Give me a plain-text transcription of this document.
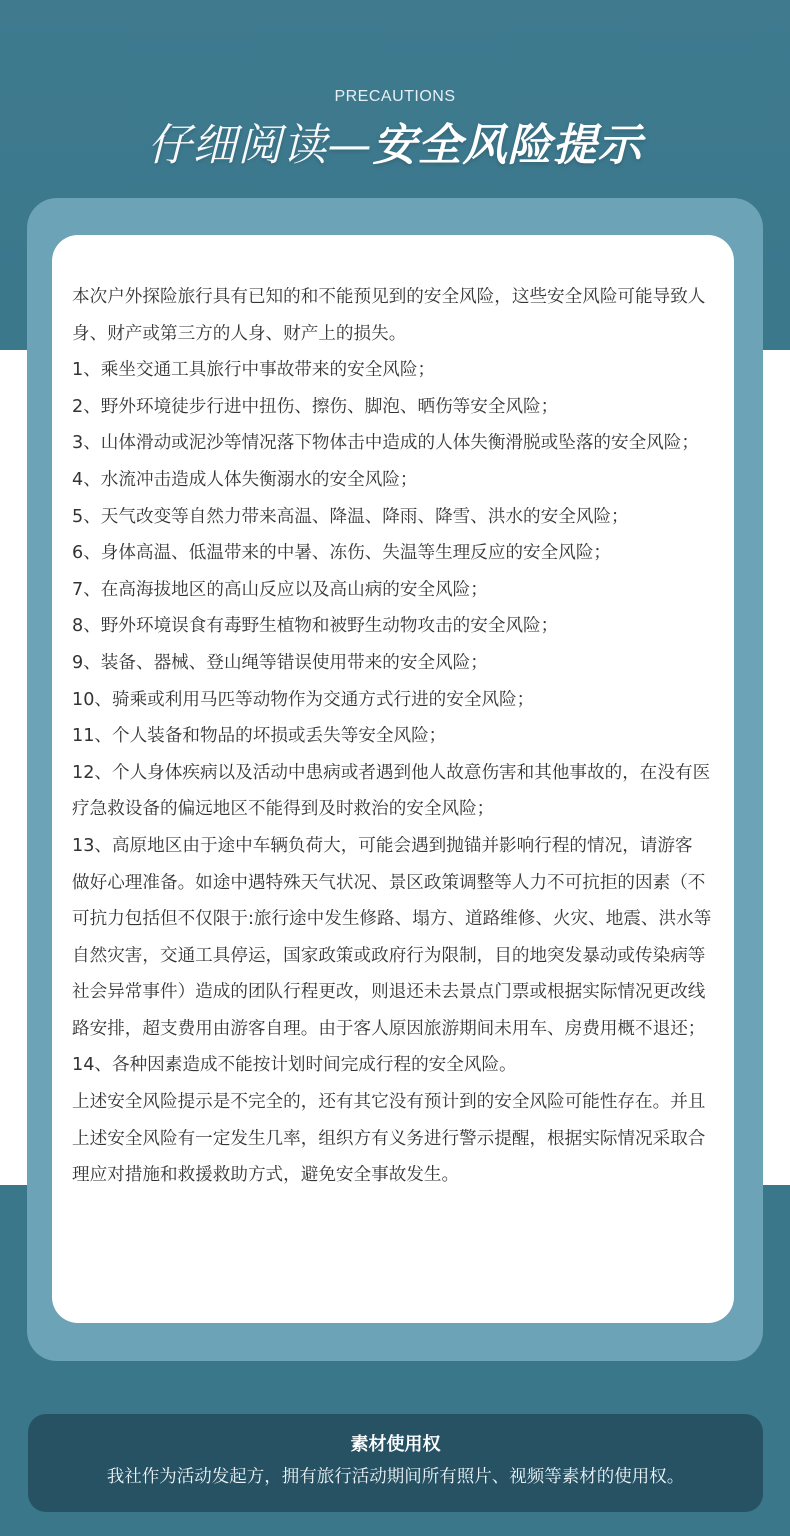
PRECAUTIONS
仔细阅读—安全风险提示

本次户外探险旅行具有已知的和不能预见到的安全风险，这些安全风险可能导致人身、财产或第三方的人身、财产上的损失。

1、乘坐交通工具旅行中事故带来的安全风险；

2、野外环境徒步行进中扭伤、擦伤、脚泡、晒伤等安全风险；

3、山体滑动或泥沙等情况落下物体击中造成的人体失衡滑脱或坠落的安全风险；

4、水流冲击造成人体失衡溺水的安全风险；

5、天气改变等自然力带来高温、降温、降雨、降雪、洪水的安全风险；

6、身体高温、低温带来的中暑、冻伤、失温等生理反应的安全风险；

7、在高海拔地区的高山反应以及高山病的安全风险；

8、野外环境误食有毒野生植物和被野生动物攻击的安全风险；

9、装备、器械、登山绳等错误使用带来的安全风险；

10、骑乘或利用马匹等动物作为交通方式行进的安全风险；

11、个人装备和物品的坏损或丢失等安全风险；

12、个人身体疾病以及活动中患病或者遇到他人故意伤害和其他事故的，在没有医疗急救设备的偏远地区不能得到及时救治的安全风险；

13、高原地区由于途中车辆负荷大，可能会遇到抛锚并影响行程的情况，请游客 做好心理准备。如途中遇特殊天气状况、景区政策调整等人力不可抗拒的因素（不可抗力包括但不仅限于:旅行途中发生修路、塌方、道路维修、火灾、地震、洪水等自然灾害，交通工具停运，国家政策或政府行为限制，目的地突发暴动或传染病等社会异常事件）造成的团队行程更改，则退还未去景点门票或根据实际情况更改线路安排，超支费用由游客自理。由于客人原因旅游期间未用车、房费用概不退还；

14、各种因素造成不能按计划时间完成行程的安全风险。

上述安全风险提示是不完全的，还有其它没有预计到的安全风险可能性存在。并且上述安全风险有一定发生几率，组织方有义务进行警示提醒，根据实际情况采取合理应对措施和救援救助方式，避免安全事故发生。

素材使用权
我社作为活动发起方，拥有旅行活动期间所有照片、视频等素材的使用权。
